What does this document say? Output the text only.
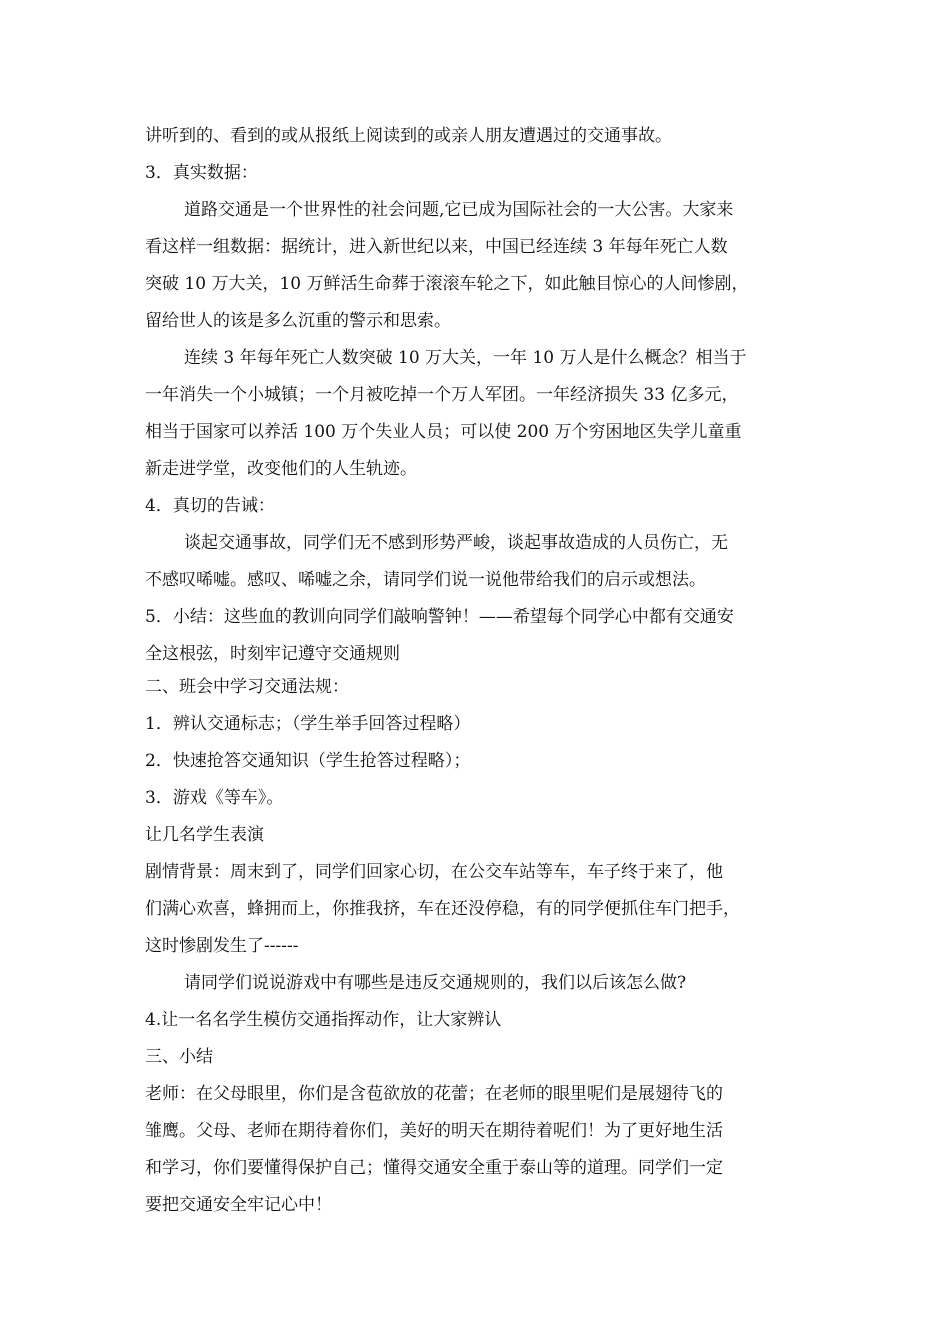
讲听到的、看到的或从报纸上阅读到的或亲人朋友遭遇过的交通事故。
3．真实数据：
道路交通是一个世界性的社会问题,它已成为国际社会的一大公害。大家来
看这样一组数据：据统计，进入新世纪以来，中国已经连续 3 年每年死亡人数
突破 10 万大关，10 万鲜活生命葬于滚滚车轮之下，如此触目惊心的人间惨剧，
留给世人的该是多么沉重的警示和思索。
连续 3 年每年死亡人数突破 10 万大关，一年 10 万人是什么概念？相当于
一年消失一个小城镇；一个月被吃掉一个万人军团。一年经济损失 33 亿多元，
相当于国家可以养活 100 万个失业人员；可以使 200 万个穷困地区失学儿童重
新走进学堂，改变他们的人生轨迹。
4．真切的告诫：
谈起交通事故，同学们无不感到形势严峻，谈起事故造成的人员伤亡，无
不感叹唏嘘。感叹、唏嘘之余，请同学们说一说他带给我们的启示或想法。
5．小结：这些血的教训向同学们敲响警钟！——希望每个同学心中都有交通安
全这根弦，时刻牢记遵守交通规则
二、班会中学习交通法规：
1．辨认交通标志；（学生举手回答过程略）
2．快速抢答交通知识（学生抢答过程略）；
3．游戏《等车》。
让几名学生表演
剧情背景：周末到了，同学们回家心切，在公交车站等车，车子终于来了，他
们满心欢喜，蜂拥而上，你推我挤，车在还没停稳，有的同学便抓住车门把手，
这时惨剧发生了------
请同学们说说游戏中有哪些是违反交通规则的，我们以后该怎么做?
4.让一名名学生模仿交通指挥动作，让大家辨认
三、小结
老师：在父母眼里，你们是含苞欲放的花蕾；在老师的眼里呢们是展翅待飞的
雏鹰。父母、老师在期待着你们，美好的明天在期待着呢们！为了更好地生活
和学习，你们要懂得保护自己；懂得交通安全重于泰山等的道理。同学们一定
要把交通安全牢记心中！
